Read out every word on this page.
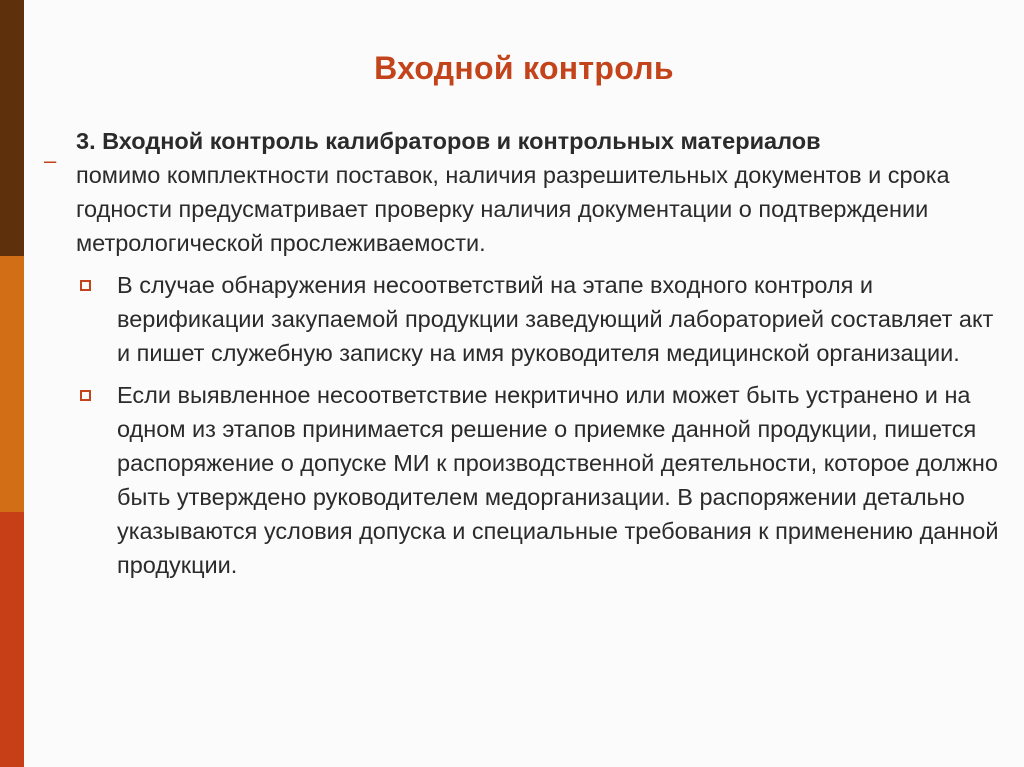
Входной контроль
–

3. Входной контроль калибраторов и контрольных материалов
помимо комплектности поставок, наличия разрешительных документов и срока годности предусматривает проверку наличия документации о подтверждении метрологической прослеживаемости.

В случае обнаружения несоответствий на этапе входного контроля и верификации закупаемой продукции заведующий лабораторией составляет акт и пишет служебную записку на имя руководителя медицинской организации.
Если выявленное несоответствие некритично или может быть устранено и на одном из этапов принимается решение о приемке данной продукции, пишется распоряжение о допуске МИ к производственной деятельности, которое должно быть утверждено руководителем медорганизации. В распоряжении детально указываются условия допуска и специальные требования к применению данной продукции.
